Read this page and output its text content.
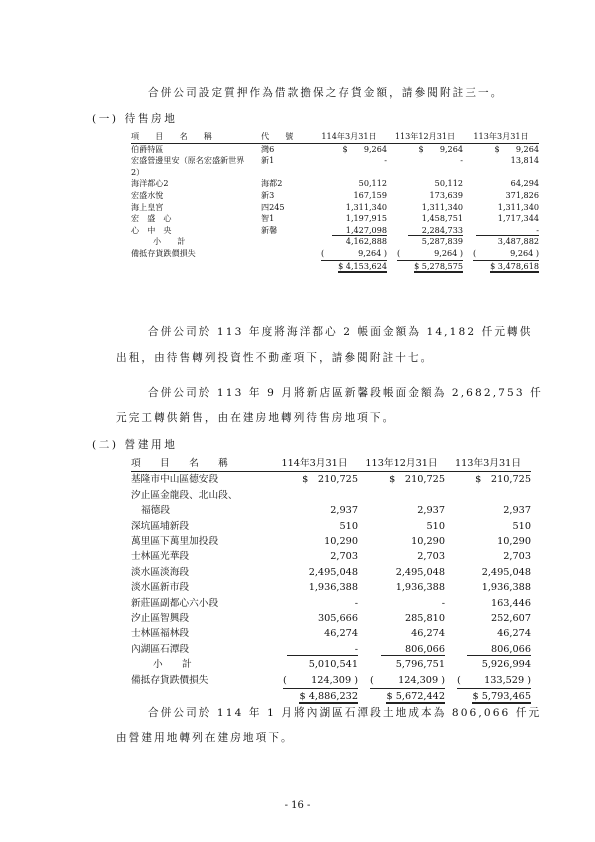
合併公司設定質押作為借款擔保之存貨金額，請參閱附註三一。
(一) 待售房地
項　　目　　名　　稱	代　　號	114年3月31日	113年12月31日	113年3月31日
伯爵特區	灣6	$　　9,264	$　　9,264	$　　9,264
宏盛營邊里安（原名宏盛新世界2）	新1	-	-	13,814
海洋都心2	海都2	50,112	50,112	64,294
宏盛水悅	新3	167,159	173,639	371,826
海上皇宮	四245	1,311,340	1,311,340	1,311,340
宏　盛　心	智1	1,197,915	1,458,751	1,717,344
心　中　央	新馨	1,427,098	2,284,733	-
小　　計		4,162,888	5,287,839	3,487,882
備抵存貨跌價損失		( 9,264 )	( 9,264 )	( 9,264 )

		$ 4,153,624	$ 5,278,575	$ 3,478,618
合併公司於 113 年度將海洋都心 2 帳面金額為 14,182 仟元轉供
出租，由待售轉列投資性不動產項下，請參閱附註十七。
合併公司於 113 年 9 月將新店區新馨段帳面金額為 2,682,753 仟
元完工轉供銷售，由在建房地轉列待售房地項下。
(二) 營建用地
項　　目　　名　　稱	114年3月31日	113年12月31日	113年3月31日
基隆市中山區德安段	$　210,725	$　210,725	$　210,725
汐止區金龍段、北山段、			
福德段	2,937	2,937	2,937
深坑區埔新段	510	510	510
萬里區下萬里加投段	10,290	10,290	10,290
士林區光華段	2,703	2,703	2,703
淡水區淡海段	2,495,048	2,495,048	2,495,048
淡水區新市段	1,936,388	1,936,388	1,936,388
新莊區副都心六小段	-	-	163,446
汐止區智興段	305,666	285,810	252,607
士林區福林段	46,274	46,274	46,274
內湖區石潭段	-	806,066	806,066
小　　計	5,010,541	5,796,751	5,926,994
備抵存貨跌價損失	( 124,309 )	( 124,309 )	( 133,529 )

	$ 4,886,232	$ 5,672,442	$ 5,793,465
合併公司於 114 年 1 月將內湖區石潭段土地成本為 806,066 仟元
由營建用地轉列在建房地項下。
- 16 -
